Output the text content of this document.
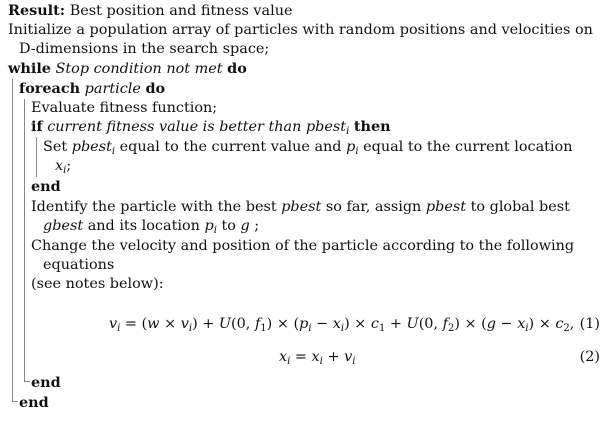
Result: Best position and fitness value
Initialize a population array of particles with random positions and velocities on
D-dimensions in the search space;
while Stop condition not met do
foreach particle do
Evaluate fitness function;
if current fitness value is better than pbest$_i$ then
Set pbest$_i$ equal to the current value and $p_i$ equal to the current location
$x_i$;
end
Identify the particle with the best pbest so far, assign pbest to global best
gbest and its location $p_i$ to g ;
Change the velocity and position of the particle according to the following
equations
(see notes below):
$v_i = (w \times v_i) + U(0$, $f_1) \times (p_i - x_i) \times c_1 + U(0$, $f_2) \times (g - x_i) \times c_2$, (1)
$x_i = x_i + v_i$	(2)
end
end
